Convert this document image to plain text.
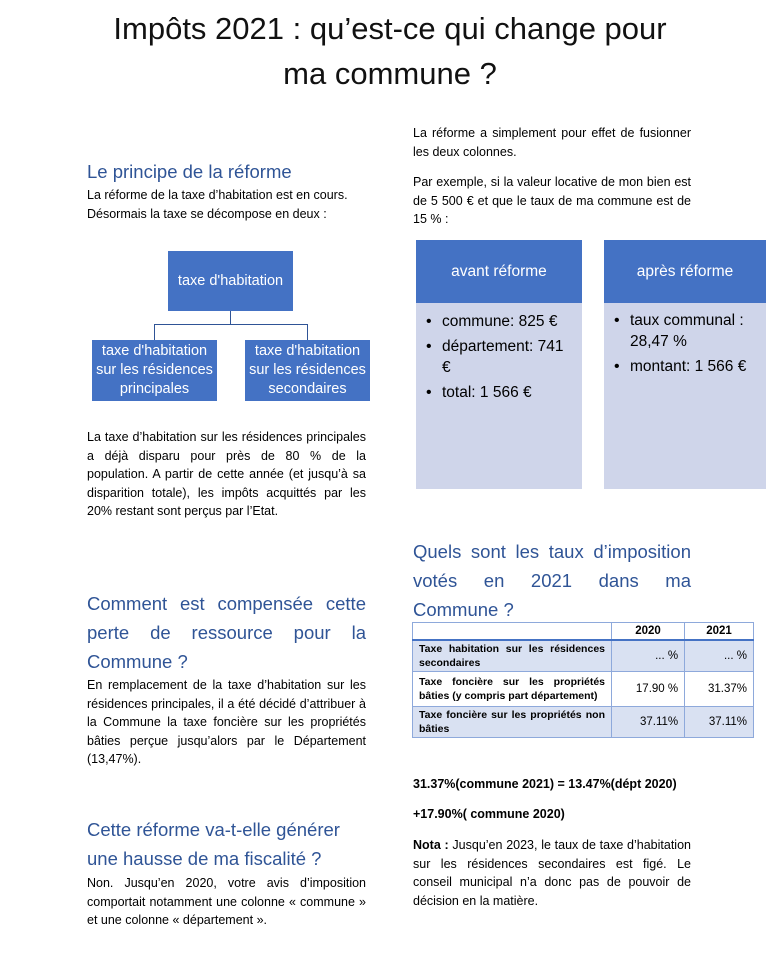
Impôts 2021 : qu’est-ce qui change pour
ma commune ?
Le principe de la réforme
La réforme de la taxe d’habitation est en cours.
Désormais la taxe se décompose en deux :
taxe d'habitation
taxe d'habitation
sur les résidences
principales
taxe d'habitation
sur les résidences
secondaires
La taxe d’habitation sur les résidences principales a déjà disparu pour près de 80 % de la population. A partir de cette année (et jusqu’à sa disparition totale), les impôts acquittés par les 20% restant sont perçus par l’Etat.
Comment est compensée cette perte de ressource pour la Commune ?
En remplacement de la taxe d’habitation sur les résidences principales, il a été décidé d’attribuer à la Commune la taxe foncière sur les propriétés bâties perçue jusqu’alors par le Département (13,47%).
Cette réforme va-t-elle générer une hausse de ma fiscalité ?
Non. Jusqu’en 2020, votre avis d’imposition comportait notamment une colonne « commune » et une colonne « département ».
La réforme a simplement pour effet de fusionner les deux colonnes.
Par exemple, si la valeur locative de mon bien est de 5 500 € et que le taux de ma commune est de 15 % :
avant réforme
• commune: 825 €
• département: 741 €
• total: 1 566 €
après réforme
• taux communal : 28,47 %
• montant: 1 566 €
Quels sont les taux d’imposition votés en 2021 dans ma Commune ?
	2020	2021
Taxe habitation sur les résidences secondaires	... %	... %
Taxe foncière sur les propriétés bâties (y compris part département)	17.90 %	31.37%
Taxe foncière sur les propriétés non bâties	37.11%	37.11%
31.37%(commune 2021) = 13.47%(dépt 2020)
+17.90%( commune 2020)
Nota : Jusqu’en 2023, le taux de taxe d’habitation sur les résidences secondaires est figé. Le conseil municipal n’a donc pas de pouvoir de décision en la matière.
